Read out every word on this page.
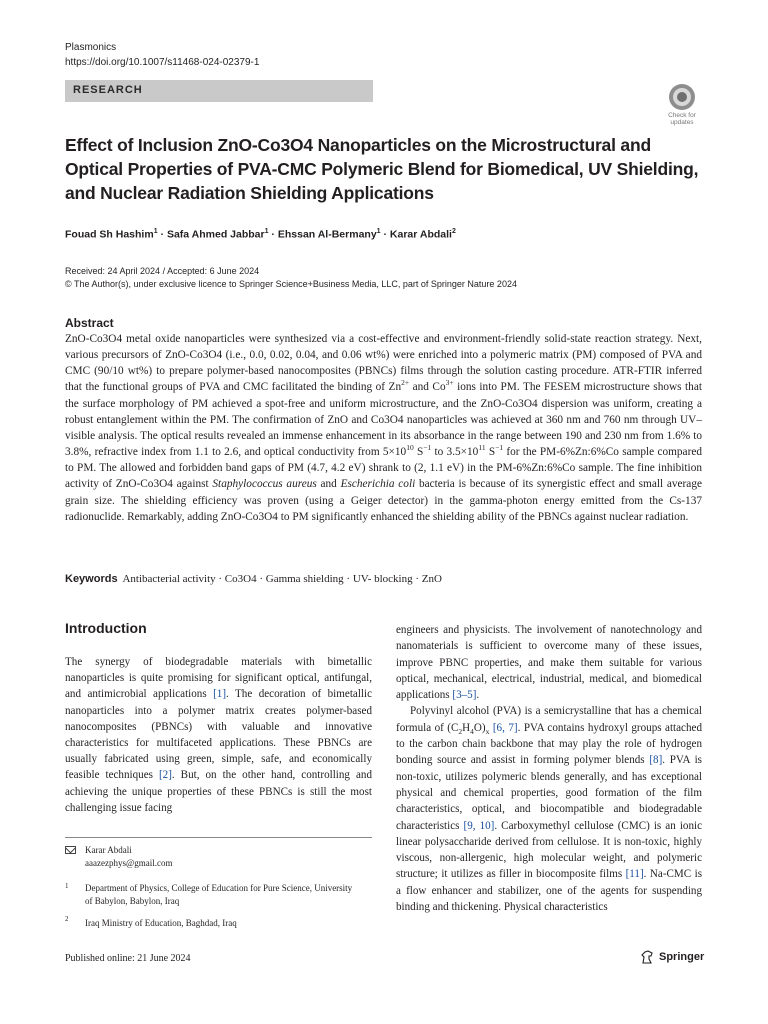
Plasmonics
https://doi.org/10.1007/s11468-024-02379-1
RESEARCH
Check for
updates
Effect of Inclusion ZnO-Co3O4 Nanoparticles on the Microstructural and Optical Properties of PVA-CMC Polymeric Blend for Biomedical, UV Shielding, and Nuclear Radiation Shielding Applications
Fouad Sh Hashim$^1$ · Safa Ahmed Jabbar$^1$ · Ehssan Al-Bermany$^1$ · Karar Abdali$^2$
Received: 24 April 2024 / Accepted: 6 June 2024
© The Author(s), under exclusive licence to Springer Science+Business Media, LLC, part of Springer Nature 2024
Abstract
ZnO-Co3O4 metal oxide nanoparticles were synthesized via a cost-effective and environment-friendly solid-state reaction strategy. Next, various precursors of ZnO-Co3O4 (i.e., 0.0, 0.02, 0.04, and 0.06 wt%) were enriched into a polymeric matrix (PM) composed of PVA and CMC (90/10 wt%) to prepare polymer-based nanocomposites (PBNCs) films through the solution casting procedure. ATR-FTIR inferred that the functional groups of PVA and CMC facilitated the binding of $Zn^{2+}$ and $Co^{3+}$ ions into PM. The FESEM microstructure shows that the surface morphology of PM achieved a spot-free and uniform microstructure, and the ZnO-Co3O4 dispersion was uniform, creating a robust entanglement within the PM. The confirmation of ZnO and Co3O4 nanoparticles was achieved at 360 nm and 760 nm through UV–visible analysis. The optical results revealed an immense enhancement in its absorbance in the range between 190 and 230 nm from 1.6% to 3.8%, refractive index from 1.1 to 2.6, and optical conductivity from $5\times 10^{10}$ $S^{-1}$ to $3.5\times 10^{11}$ $S^{-1}$ for the PM-6%Zn:6%Co sample compared to PM. The allowed and forbidden band gaps of PM (4.7, 4.2 eV) shrank to (2, 1.1 eV) in the PM-6%Zn:6%Co sample. The fine inhibition activity of ZnO-Co3O4 against Staphylococcus aureus and Escherichia coli bacteria is because of its synergistic effect and small average grain size. The shielding efficiency was proven (using a Geiger detector) in the gamma-photon energy emitted from the Cs-137 radionuclide. Remarkably, adding ZnO-Co3O4 to PM significantly enhanced the shielding ability of the PBNCs against nuclear radiation.
Keywords Antibacterial activity · Co3O4 · Gamma shielding · UV- blocking · ZnO
Introduction
The synergy of biodegradable materials with bimetallic nanoparticles is quite promising for significant optical, antifungal, and antimicrobial applications [1]. The decoration of bimetallic nanoparticles into a polymer matrix creates polymer-based nanocomposites (PBNCs) with valuable and innovative characteristics for multifaceted applications. These PBNCs are usually fabricated using green, simple, safe, and economically feasible techniques [2]. But, on the other hand, controlling and achieving the unique properties of these PBNCs is still the most challenging issue facing

engineers and physicists. The involvement of nanotechnology and nanomaterials is sufficient to overcome many of these issues, improve PBNC properties, and make them suitable for various optical, mechanical, electrical, industrial, medical, and biomedical applications [3–5].

Polyvinyl alcohol (PVA) is a semicrystalline that has a chemical formula of $(C_2H_4O)_x$ [6, 7]. PVA contains hydroxyl groups attached to the carbon chain backbone that may play the role of hydrogen bonding source and assist in forming polymer blends [8]. PVA is non-toxic, utilizes polymeric blends generally, and has exceptional physical and chemical properties, good formation of the film characteristics, optical, and biocompatible and biodegradable characteristics [9, 10]. Carboxymethyl cellulose (CMC) is an ionic linear polysaccharide derived from cellulose. It is non-toxic, highly viscous, non-allergenic, high molecular weight, and polymeric structure; it utilizes as filler in biocomposite films [11]. Na-CMC is a flow enhancer and stabilizer, one of the agents for suspending binding and thickening. Physical characteristics

Karar Abdali
aaazezphys@gmail.com
1 Department of Physics, College of Education for Pure Science, University of Babylon, Babylon, Iraq
2 Iraq Ministry of Education, Baghdad, Iraq
Published online: 21 June 2024	Springer
